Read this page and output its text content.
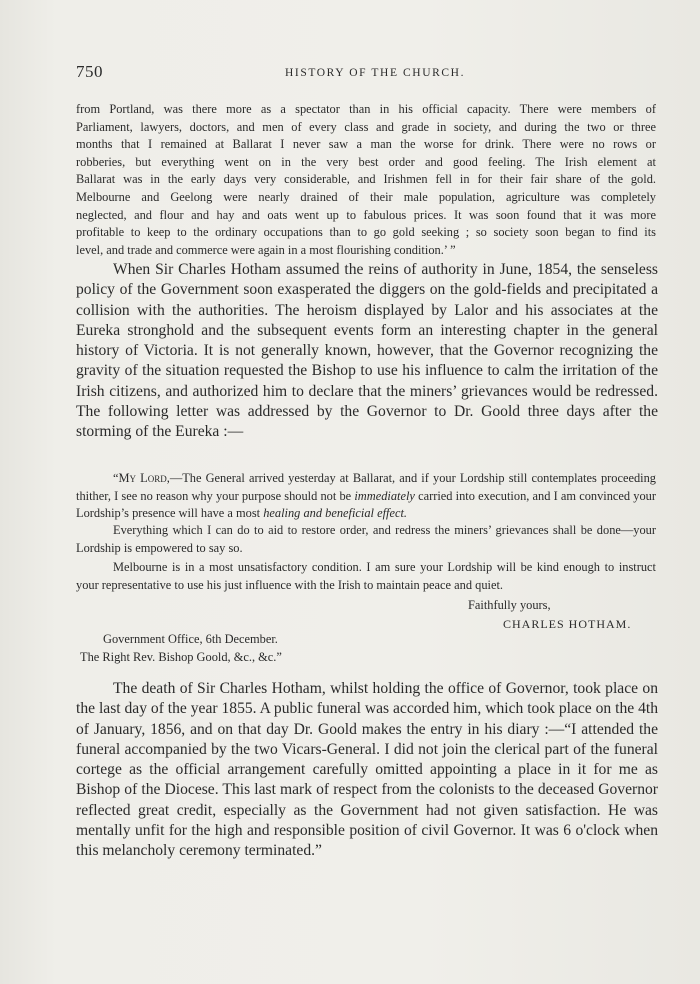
750	HISTORY OF THE CHURCH.

from Portland, was there more as a spectator than in his official capacity. There were members of

Parliament, lawyers, doctors, and men of every class and grade in society, and during the two or three

months that I remained at Ballarat I never saw a man the worse for drink. There were no rows or

robberies, but everything went on in the very best order and good feeling. The Irish element at

Ballarat was in the early days very considerable, and Irishmen fell in for their fair share of the gold.

Melbourne and Geelong were nearly drained of their male population, agriculture was completely

neglected, and flour and hay and oats went up to fabulous prices. It was soon found that it was more

profitable to keep to the ordinary occupations than to go gold seeking ; so society soon began to find its

level, and trade and commerce were again in a most flourishing condition.’ ”

When Sir Charles Hotham assumed the reins of authority in June, 1854, the senseless policy of the Government soon exasperated the diggers on the gold-fields and precipitated a collision with the authorities. The heroism displayed by Lalor and his associates at the Eureka stronghold and the subsequent events form an interesting chapter in the general history of Victoria. It is not generally known, however, that the Governor recognizing the gravity of the situation requested the Bishop to use his influence to calm the irritation of the Irish citizens, and authorized him to declare that the miners’ grievances would be redressed. The following letter was addressed by the Governor to Dr. Goold three days after the storming of the Eureka :—

“My Lord,—The General arrived yesterday at Ballarat, and if your Lordship still contemplates proceeding thither, I see no reason why your purpose should not be immediately carried into execution, and I am convinced your Lordship’s presence will have a most healing and beneficial effect.

Everything which I can do to aid to restore order, and redress the miners’ grievances shall be done—your Lordship is empowered to say so.

Melbourne is in a most unsatisfactory condition. I am sure your Lordship will be kind enough to instruct your representative to use his just influence with the Irish to maintain peace and quiet.

Faithfully yours,
CHARLES HOTHAM.
Government Office, 6th December.
The Right Rev. Bishop Goold, &c., &c.”

The death of Sir Charles Hotham, whilst holding the office of Governor, took place on the last day of the year 1855. A public funeral was accorded him, which took place on the 4th of January, 1856, and on that day Dr. Goold makes the entry in his diary :—“I attended the funeral accompanied by the two Vicars-General. I did not join the clerical part of the funeral cortege as the official arrangement carefully omitted appointing a place in it for me as Bishop of the Diocese. This last mark of respect from the colonists to the deceased Governor reflected great credit, especially as the Government had not given satisfaction. He was mentally unfit for the high and responsible position of civil Governor. It was 6 o'clock when this melancholy ceremony terminated.”
